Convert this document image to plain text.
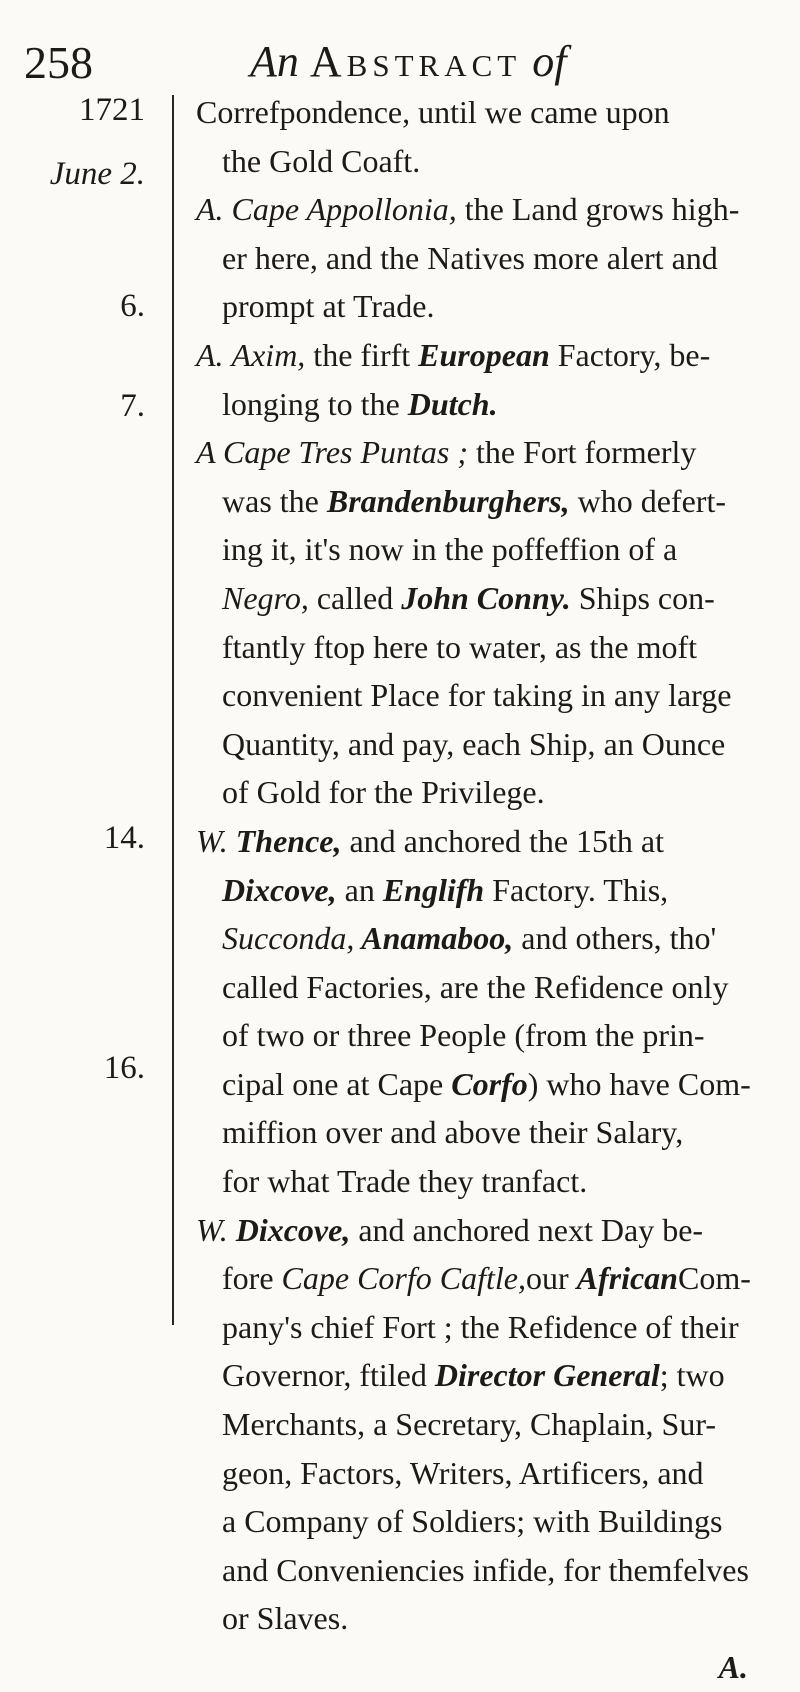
258	An Abstract of
1721
June 2.
6.
7.
14.
16.
Correfpondence, until we came upon
the Gold Coaft.
A. Cape Appollonia, the Land grows high-
er here, and the Natives more alert and
prompt at Trade.
A. Axim, the firft European Factory, be-
longing to the Dutch.
A Cape Tres Puntas ; the Fort formerly
was the Brandenburghers, who defert-
ing it, it's now in the poffeffion of a
Negro, called John Conny. Ships con-
ftantly ftop here to water, as the moft
convenient Place for taking in any large
Quantity, and pay, each Ship, an Ounce
of Gold for the Privilege.
W. Thence, and anchored the 15th at
Dixcove, an Englifh Factory. This,
Succonda, Anamaboo, and others, tho'
called Factories, are the Refidence only
of two or three People (from the prin-
cipal one at Cape Corfo) who have Com-
miffion over and above their Salary,
for what Trade they tranfact.
W. Dixcove, and anchored next Day be-
fore Cape Corfo Caftle,our AfricanCom-
pany's chief Fort ; the Refidence of their
Governor, ftiled Director General; two
Merchants, a Secretary, Chaplain, Sur-
geon, Factors, Writers, Artificers, and
a Company of Soldiers; with Buildings
and Conveniencies infide, for themfelves
or Slaves.
A.
